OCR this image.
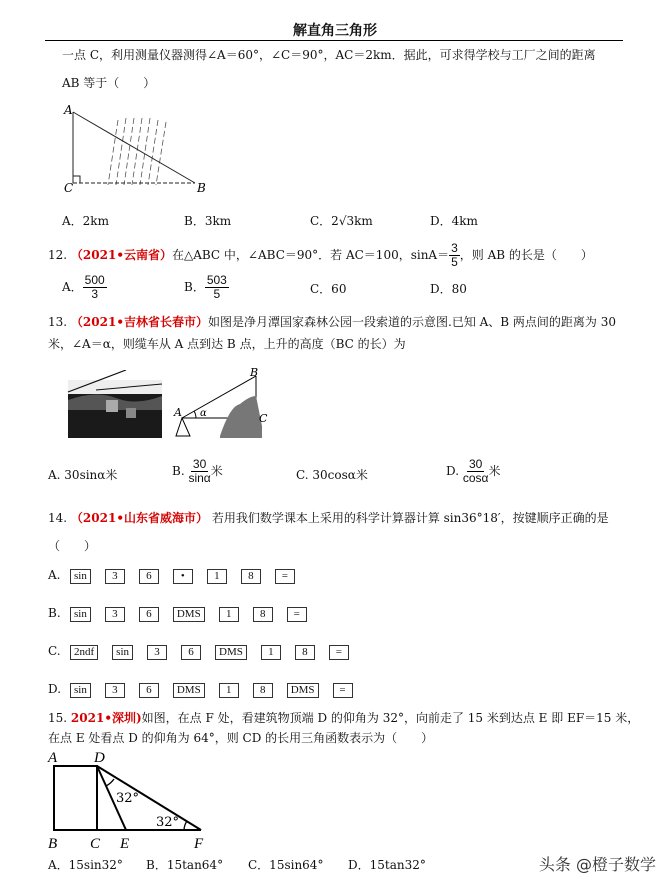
解直角三角形
一点 C，利用测量仪器测得∠A＝60°，∠C＝90°，AC＝2km．据此，可求得学校与工厂之间的距离
AB 等于（　　）
A
C	B
A．2km	B．3km	C．2√3km	D．4km
12. （2021•云南省）在△ABC 中，∠ABC＝90°．若 AC＝100，$\sin A= \frac{3}{5}$ ，则 AB 的长是（　　）
A． $\frac{500}{3}$	B． $\frac{503}{5}$	C．60	D．80
13. （2021•吉林省长春市）如图是净月潭国家森林公园一段索道的示意图.已知 A、B 两点间的距离为 30
米，∠A＝α，则缆车从 A 点到达 B 点，上升的高度（BC 的长）为
A
B
C
α
A. 30sinα米	B. $\frac{30}{\sin\alpha}$ 米	C. 30cosα米	D. $\frac{30}{\cos\alpha}$ 米
14. （2021•山东省威海市） 若用我们数学课本上采用的科学计算器计算 sin36°18′，按键顺序正确的是
（　　）
A. sin 3	6	•	1	8	=
B. sin 3	6 DMS 1	8	=
C. 2ndf sin 3	6 DMS 1	8	=
D. sin 3	6 DMS 1	8 DMS =
15. 2021•深圳)如图，在点 F 处，看建筑物顶端 D 的仰角为 32°，向前走了 15 米到达点 E 即 EF＝15 米，
在点 E 处看点 D 的仰角为 64°，则 CD 的长用三角函数表示为（　　）
A D
B C E	F
32°
32°
A．15sin32° B．15tan64° C．15sin64° D．15tan32°	头条 @橙子数学
